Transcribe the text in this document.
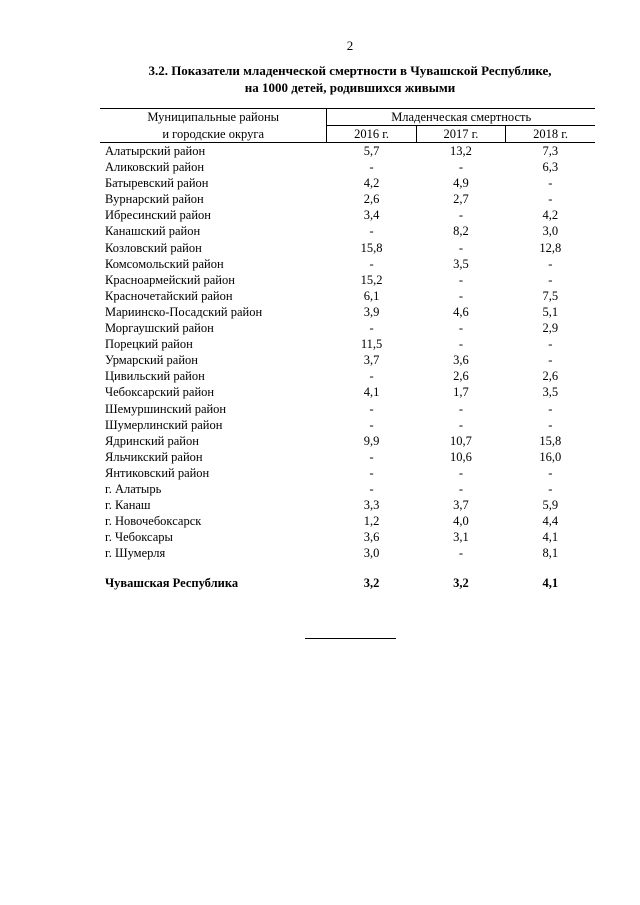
2
3.2. Показатели младенческой смертности в Чувашской Республике,
на 1000 детей, родившихся живыми
Муниципальные районы	Младенческая смертность		
и городские округа	2016 г.	2017 г.	2018 г.
Алатырский район	5,7	13,2	7,3
Аликовский район	-	-	6,3
Батыревский район	4,2	4,9	-
Вурнарский район	2,6	2,7	-
Ибресинский район	3,4	-	4,2
Канашский район	-	8,2	3,0
Козловский район	15,8	-	12,8
Комсомольский район	-	3,5	-
Красноармейский район	15,2	-	-
Красночетайский район	6,1	-	7,5
Мариинско-Посадский район	3,9	4,6	5,1
Моргаушский район	-	-	2,9
Порецкий район	11,5	-	-
Урмарский район	3,7	3,6	-
Цивильский район	-	2,6	2,6
Чебоксарский район	4,1	1,7	3,5
Шемуршинский район	-	-	-
Шумерлинский район	-	-	-
Ядринский район	9,9	10,7	15,8
Яльчикский район	-	10,6	16,0
Янтиковский район	-	-	-
г. Алатырь	-	-	-
г. Канаш	3,3	3,7	5,9
г. Новочебоксарск	1,2	4,0	4,4
г. Чебоксары	3,6	3,1	4,1
г. Шумерля	3,0	-	8,1

Чувашская Республика	3,2	3,2	4,1
